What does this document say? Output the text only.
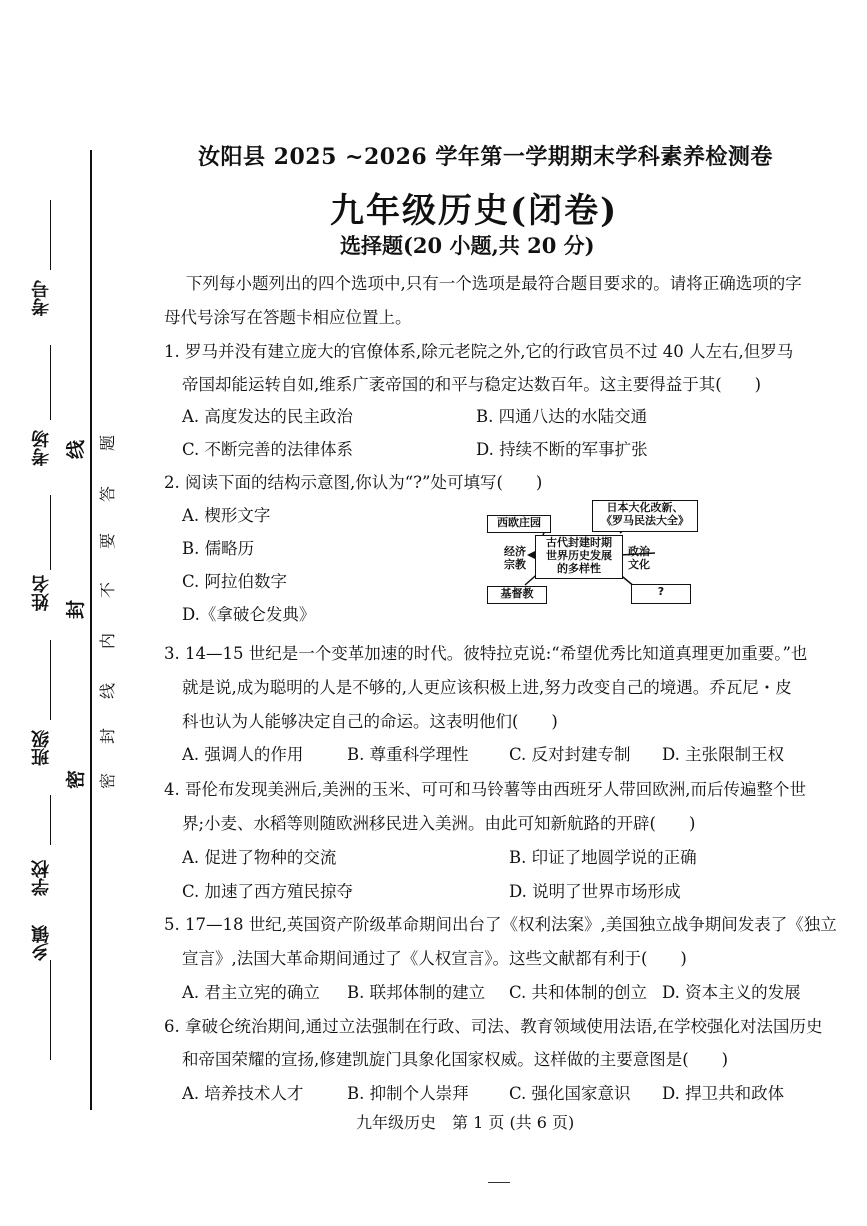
考号
考场
姓名
班级
学校
乡镇
线
封
密
题
答
要
不
内
线
封
密
汝阳县 2025 ~2026 学年第一学期期末学科素养检测卷
九年级历史(闭卷)
选择题(20 小题,共 20 分)
下列每小题列出的四个选项中,只有一个选项是最符合题目要求的。请将正确选项的字
母代号涂写在答题卡相应位置上。
1. 罗马并没有建立庞大的官僚体系,除元老院之外,它的行政官员不过 40 人左右,但罗马
帝国却能运转自如,维系广袤帝国的和平与稳定达数百年。这主要得益于其(　　)
A. 高度发达的民主政治	B. 四通八达的水陆交通
C. 不断完善的法律体系	D. 持续不断的军事扩张
2. 阅读下面的结构示意图,你认为“?”处可填写(　　)
A. 楔形文字
B. 儒略历
C. 阿拉伯数字
D.《拿破仑发典》
古代封建时期
世界历史发展
的多样性
西欧庄园
日本大化改新、
《罗马民法大全》
经济
宗教
政治
文化
基督教	?
3. 14—15 世纪是一个变革加速的时代。彼特拉克说:“希望优秀比知道真理更加重要。”也
就是说,成为聪明的人是不够的,人更应该积极上进,努力改变自己的境遇。乔瓦尼・皮
科也认为人能够决定自己的命运。这表明他们(　　)
A. 强调人的作用	B. 尊重科学理性 C. 反对封建专制 D. 主张限制王权
4. 哥伦布发现美洲后,美洲的玉米、可可和马铃薯等由西班牙人带回欧洲,而后传遍整个世
界;小麦、水稻等则随欧洲移民进入美洲。由此可知新航路的开辟(　　)
A. 促进了物种的交流	B. 印证了地圆学说的正确
C. 加速了西方殖民掠夺	D. 说明了世界市场形成
5. 17—18 世纪,英国资产阶级革命期间出台了《权利法案》,美国独立战争期间发表了《独立
宣言》,法国大革命期间通过了《人权宣言》。这些文献都有利于(　　)
A. 君主立宪的确立 B. 联邦体制的建立 C. 共和体制的创立 D. 资本主义的发展
6. 拿破仑统治期间,通过立法强制在行政、司法、教育领域使用法语,在学校强化对法国历史
和帝国荣耀的宣扬,修建凯旋门具象化国家权威。这样做的主要意图是(　　)
A. 培养技术人才	B. 抑制个人崇拜 C. 强化国家意识 D. 捍卫共和政体
九年级历史　第 1 页 (共 6 页)
